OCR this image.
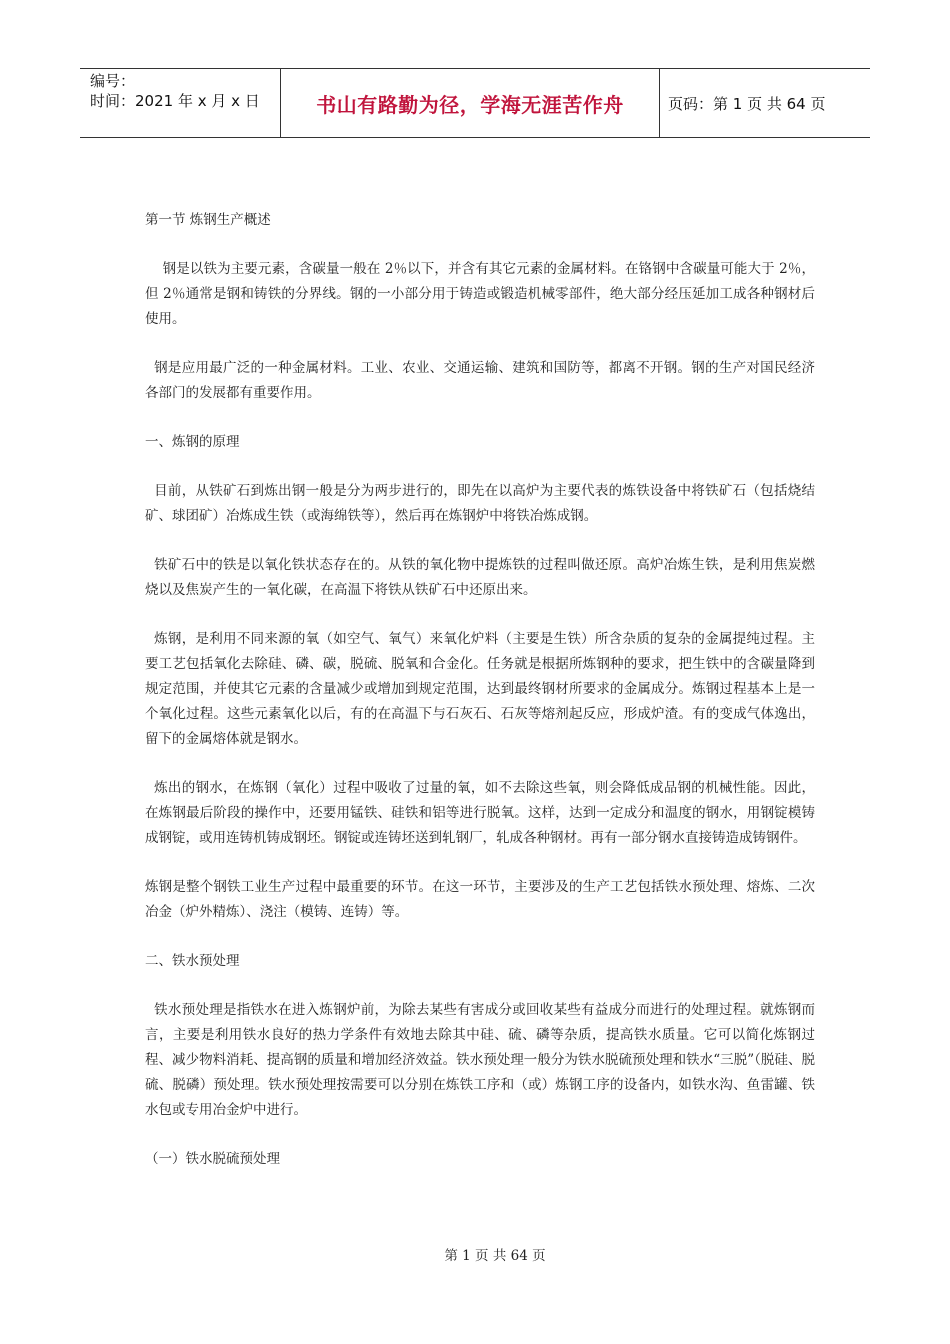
编号：
时间：2021 年 x 月 x 日	书山有路勤为径，学海无涯苦作舟	页码：第 1 页 共 64 页

第一节 炼钢生产概述

钢是以铁为主要元素，含碳量一般在 2％以下，并含有其它元素的金属材料。在铬钢中含碳量可能大于 2％，但 2％通常是钢和铸铁的分界线。钢的一小部分用于铸造或锻造机械零部件，绝大部分经压延加工成各种钢材后使用。

钢是应用最广泛的一种金属材料。工业、农业、交通运输、建筑和国防等，都离不开钢。钢的生产对国民经济各部门的发展都有重要作用。

一、炼钢的原理

目前，从铁矿石到炼出钢一般是分为两步进行的，即先在以高炉为主要代表的炼铁设备中将铁矿石（包括烧结矿、球团矿）冶炼成生铁（或海绵铁等），然后再在炼钢炉中将铁冶炼成钢。

铁矿石中的铁是以氧化铁状态存在的。从铁的氧化物中提炼铁的过程叫做还原。高炉冶炼生铁，是利用焦炭燃烧以及焦炭产生的一氧化碳，在高温下将铁从铁矿石中还原出来。

炼钢，是利用不同来源的氧（如空气、氧气）来氧化炉料（主要是生铁）所含杂质的复杂的金属提纯过程。主要工艺包括氧化去除硅、磷、碳，脱硫、脱氧和合金化。任务就是根据所炼钢种的要求，把生铁中的含碳量降到规定范围，并使其它元素的含量减少或增加到规定范围，达到最终钢材所要求的金属成分。炼钢过程基本上是一个氧化过程。这些元素氧化以后，有的在高温下与石灰石、石灰等熔剂起反应，形成炉渣。有的变成气体逸出，留下的金属熔体就是钢水。

炼出的钢水，在炼钢（氧化）过程中吸收了过量的氧，如不去除这些氧，则会降低成品钢的机械性能。因此，在炼钢最后阶段的操作中，还要用锰铁、硅铁和铝等进行脱氧。这样，达到一定成分和温度的钢水，用钢锭模铸成钢锭，或用连铸机铸成钢坯。钢锭或连铸坯送到轧钢厂，轧成各种钢材。再有一部分钢水直接铸造成铸钢件。

炼钢是整个钢铁工业生产过程中最重要的环节。在这一环节，主要涉及的生产工艺包括铁水预处理、熔炼、二次冶金（炉外精炼）、浇注（模铸、连铸）等。

二、铁水预处理

铁水预处理是指铁水在进入炼钢炉前，为除去某些有害成分或回收某些有益成分而进行的处理过程。就炼钢而言，主要是利用铁水良好的热力学条件有效地去除其中硅、硫、磷等杂质，提高铁水质量。它可以简化炼钢过程、减少物料消耗、提高钢的质量和增加经济效益。铁水预处理一般分为铁水脱硫预处理和铁水“三脱”（脱硅、脱硫、脱磷）预处理。铁水预处理按需要可以分别在炼铁工序和（或）炼钢工序的设备内，如铁水沟、鱼雷罐、铁水包或专用冶金炉中进行。

（一）铁水脱硫预处理

第 1 页 共 64 页
